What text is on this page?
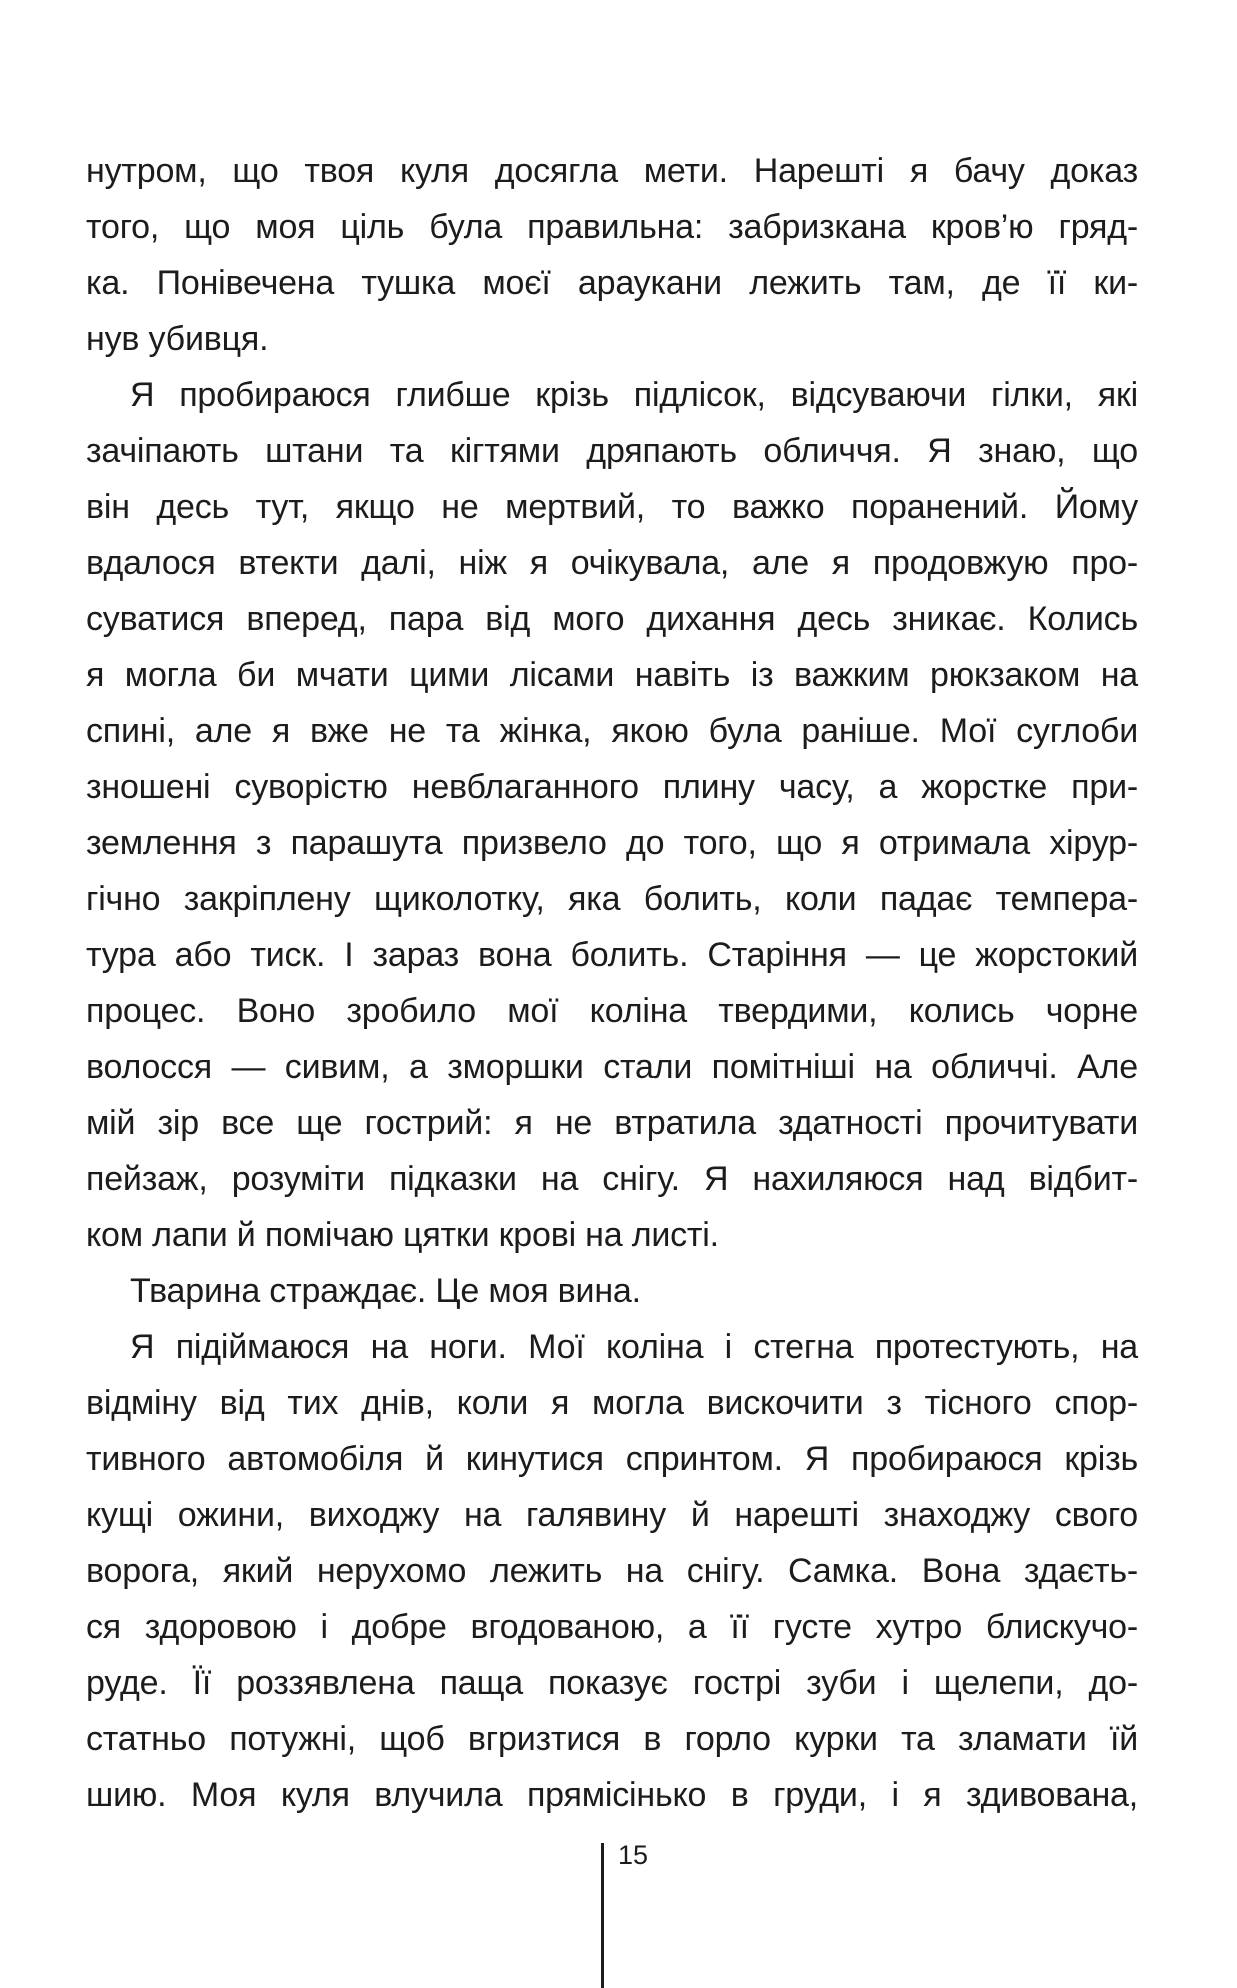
нутром, що твоя куля досягла мети. Нарешті я бачу доказ
того, що моя ціль була правильна: забризкана кров’ю гряд-
ка. Понівечена тушка моєї араукани лежить там, де її ки-
нув убивця.
Я пробираюся глибше крізь підлісок, відсуваючи гілки, які
зачіпають штани та кігтями дряпають обличчя. Я знаю, що
він десь тут, якщо не мертвий, то важко поранений. Йому
вдалося втекти далі, ніж я очікувала, але я продовжую про-
суватися вперед, пара від мого дихання десь зникає. Колись
я могла би мчати цими лісами навіть із важким рюкзаком на
спині, але я вже не та жінка, якою була раніше. Мої суглоби
зношені суворістю невблаганного плину часу, а жорстке при-
землення з парашута призвело до того, що я отримала хірур-
гічно закріплену щиколотку, яка болить, коли падає темпера-
тура або тиск. І зараз вона болить. Старіння — це жорстокий
процес. Воно зробило мої коліна твердими, колись чорне
волосся — сивим, а зморшки стали помітніші на обличчі. Але
мій зір все ще гострий: я не втратила здатності прочитувати
пейзаж, розуміти підказки на снігу. Я нахиляюся над відбит-
ком лапи й помічаю цятки крові на листі.
Тварина страждає. Це моя вина.
Я підіймаюся на ноги. Мої коліна і стегна протестують, на
відміну від тих днів, коли я могла вискочити з тісного спор-
тивного автомобіля й кинутися спринтом. Я пробираюся крізь
кущі ожини, виходжу на галявину й нарешті знаходжу свого
ворога, який нерухомо лежить на снігу. Самка. Вона здаєть-
ся здоровою і добре вгодованою, а її густе хутро блискучо-
руде. Її роззявлена паща показує гострі зуби і щелепи, до-
статньо потужні, щоб вгризтися в горло курки та зламати їй
шию. Моя куля влучила прямісінько в груди, і я здивована,
15
